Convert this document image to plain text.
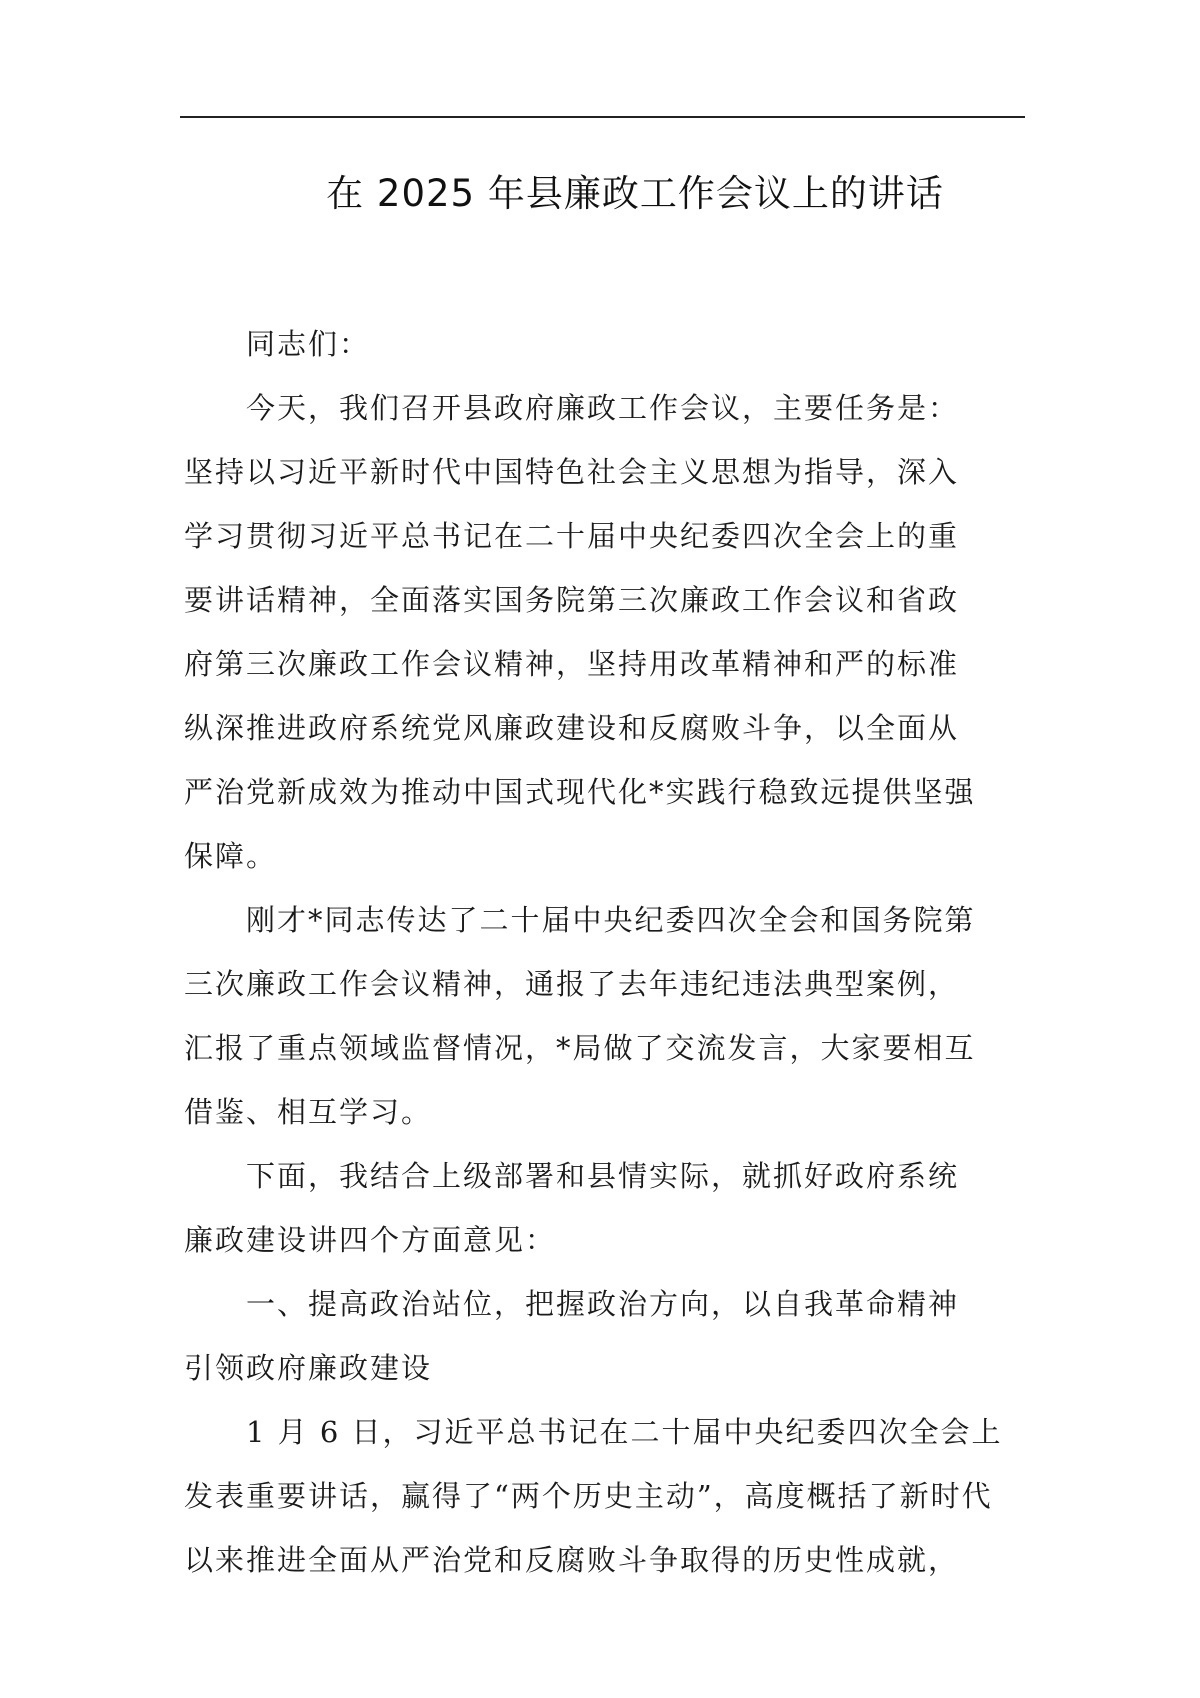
在 2025 年县廉政工作会议上的讲话

同志们：

今天，我们召开县政府廉政工作会议，主要任务是：
坚持以习近平新时代中国特色社会主义思想为指导，深入
学习贯彻习近平总书记在二十届中央纪委四次全会上的重
要讲话精神，全面落实国务院第三次廉政工作会议和省政
府第三次廉政工作会议精神，坚持用改革精神和严的标准
纵深推进政府系统党风廉政建设和反腐败斗争，以全面从
严治党新成效为推动中国式现代化*实践行稳致远提供坚强
保障。

刚才*同志传达了二十届中央纪委四次全会和国务院第
三次廉政工作会议精神，通报了去年违纪违法典型案例，
汇报了重点领域监督情况，*局做了交流发言，大家要相互
借鉴、相互学习。

下面，我结合上级部署和县情实际，就抓好政府系统
廉政建设讲四个方面意见：

一、提高政治站位，把握政治方向，以自我革命精神
引领政府廉政建设

1 月 6 日，习近平总书记在二十届中央纪委四次全会上
发表重要讲话，赢得了“两个历史主动”，高度概括了新时代
以来推进全面从严治党和反腐败斗争取得的历史性成就，
